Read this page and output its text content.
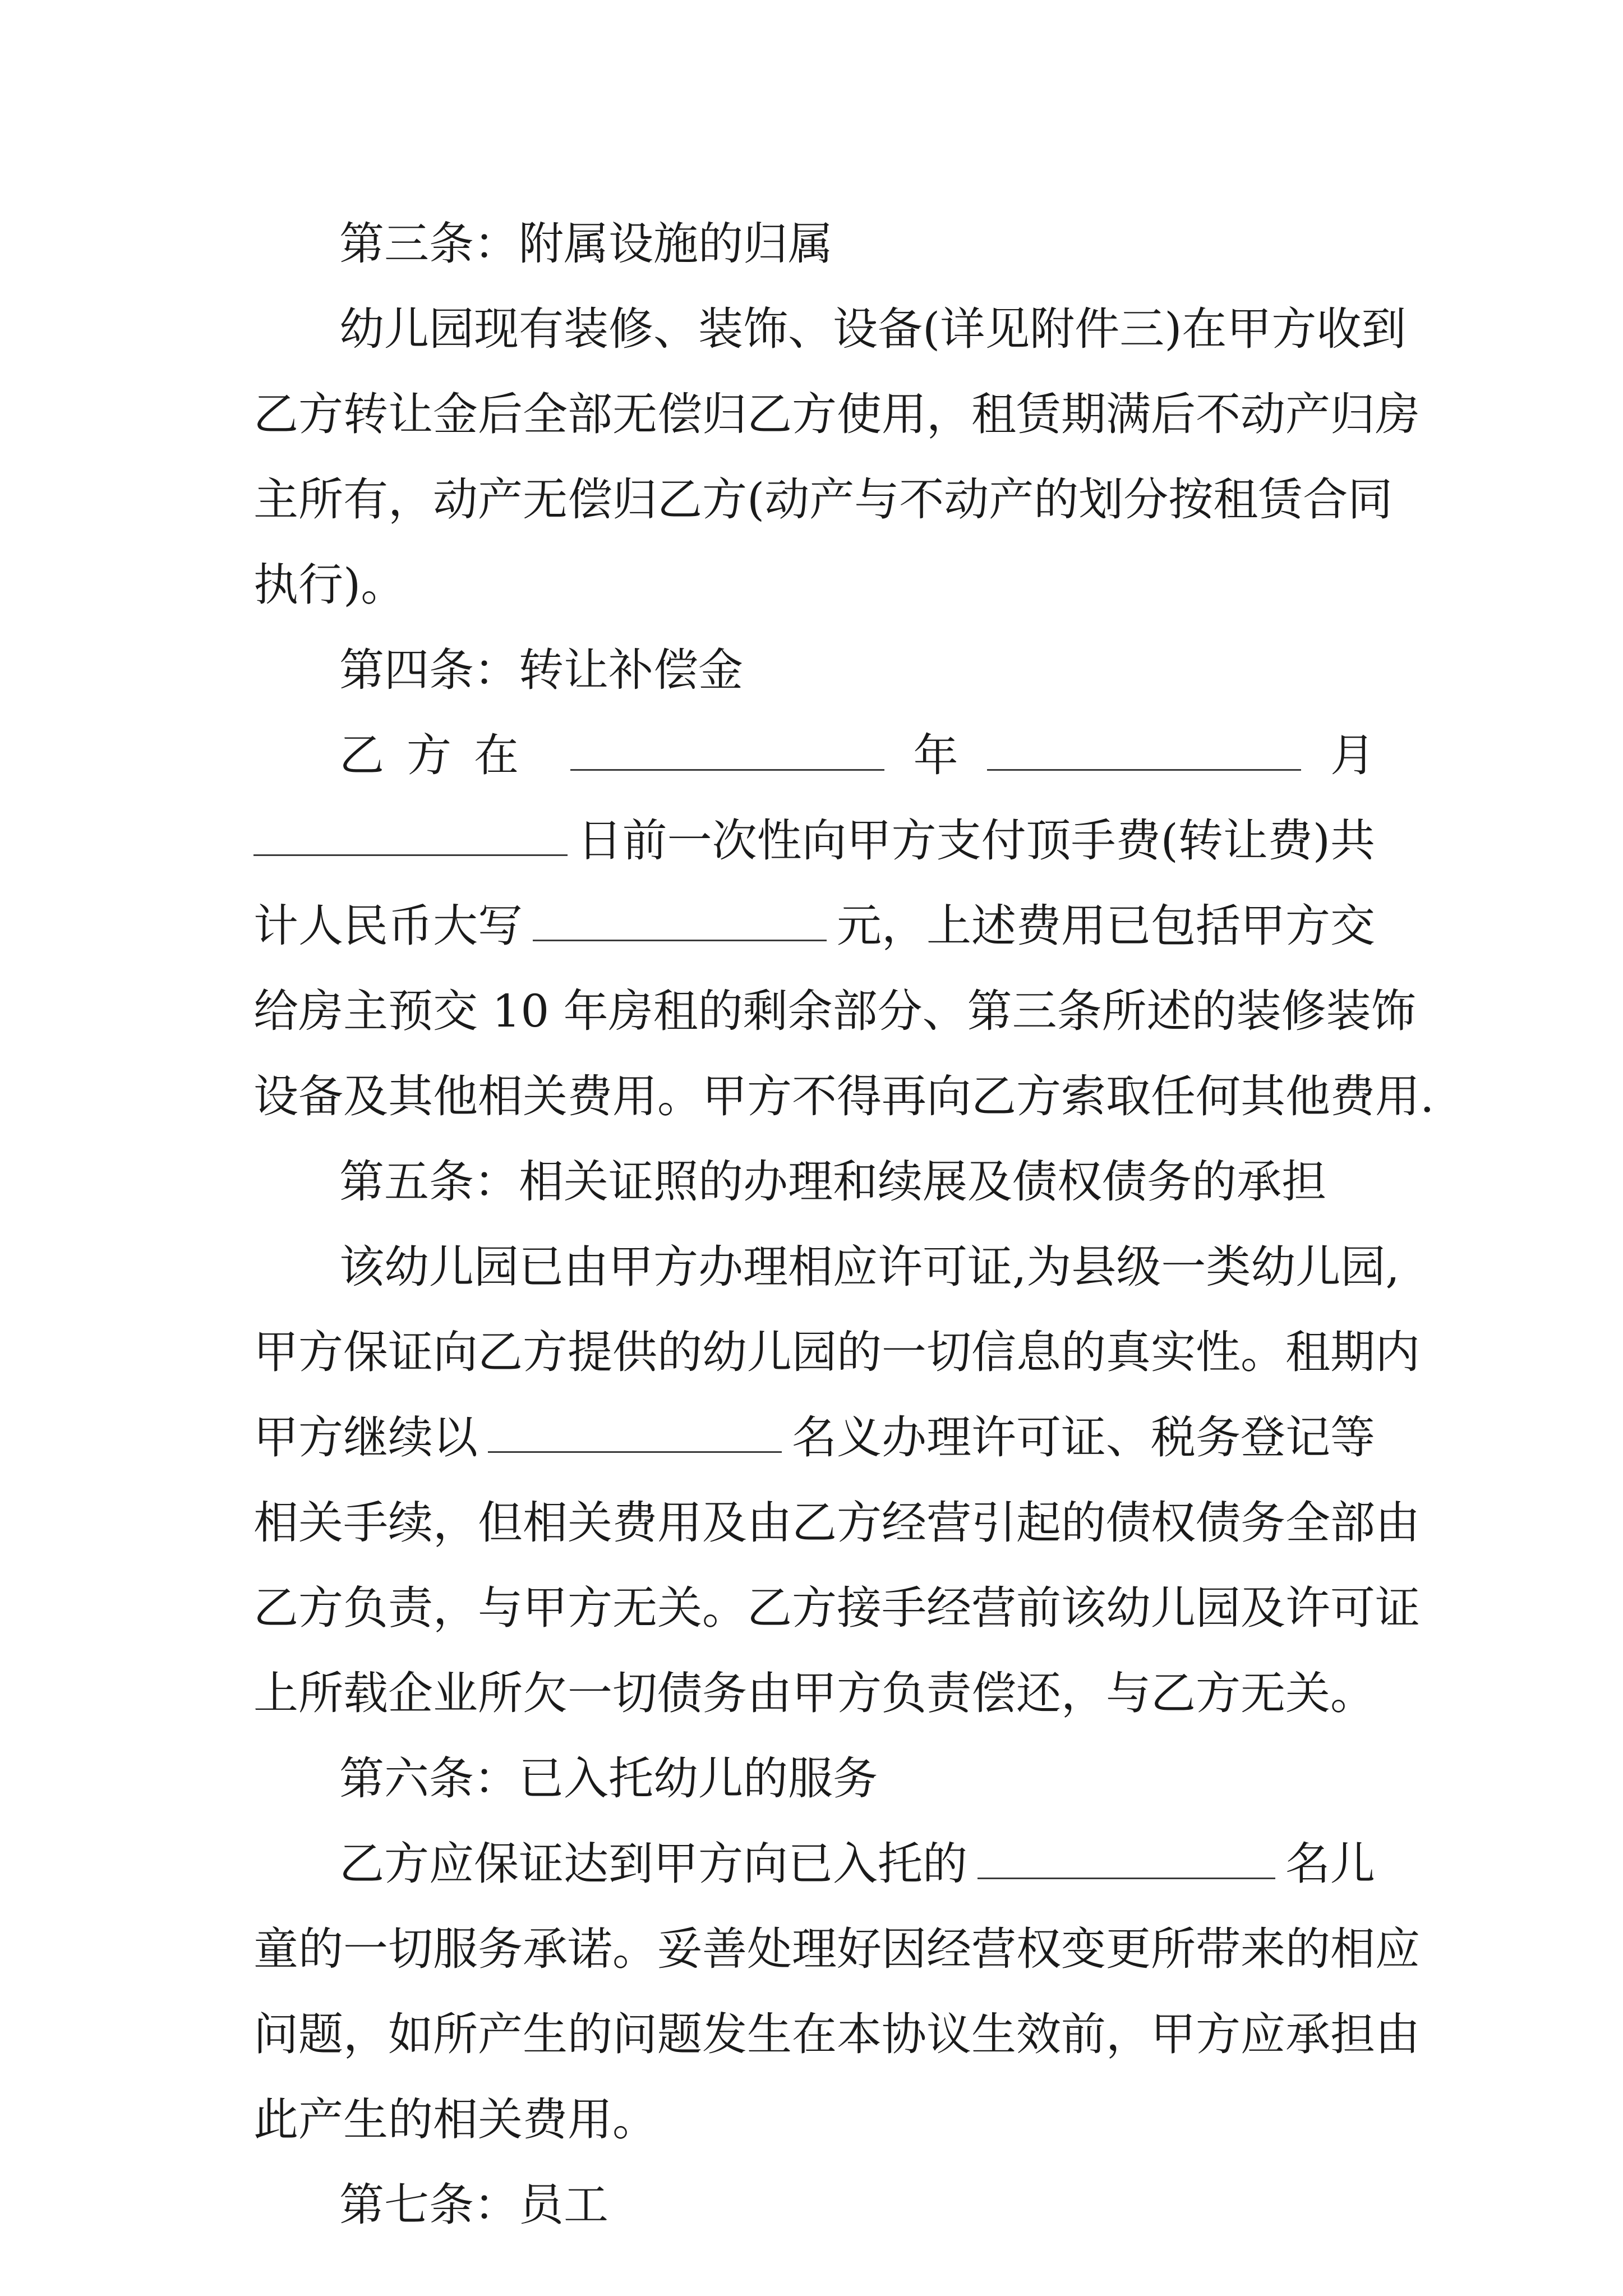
第三条：附属设施的归属
幼儿园现有装修、装饰、设备(详见附件三)在甲方收到
乙方转让金后全部无偿归乙方使用，租赁期满后不动产归房
主所有，动产无偿归乙方(动产与不动产的划分按租赁合同
执行)。
第四条：转让补偿金
乙方在	年	月
日前一次性向甲方支付顶手费(转让费)共
计人民币大写	元，上述费用已包括甲方交
给房主预交 10 年房租的剩余部分、第三条所述的装修装饰
设备及其他相关费用。甲方不得再向乙方索取任何其他费用.
第五条：相关证照的办理和续展及债权债务的承担
该幼儿园已由甲方办理相应许可证,为县级一类幼儿园,
甲方保证向乙方提供的幼儿园的一切信息的真实性。租期内
甲方继续以	名义办理许可证、税务登记等
相关手续，但相关费用及由乙方经营引起的债权债务全部由
乙方负责，与甲方无关。乙方接手经营前该幼儿园及许可证
上所载企业所欠一切债务由甲方负责偿还，与乙方无关。
第六条：已入托幼儿的服务
乙方应保证达到甲方向已入托的	名儿
童的一切服务承诺。妥善处理好因经营权变更所带来的相应
问题，如所产生的问题发生在本协议生效前，甲方应承担由
此产生的相关费用。
第七条：员工
